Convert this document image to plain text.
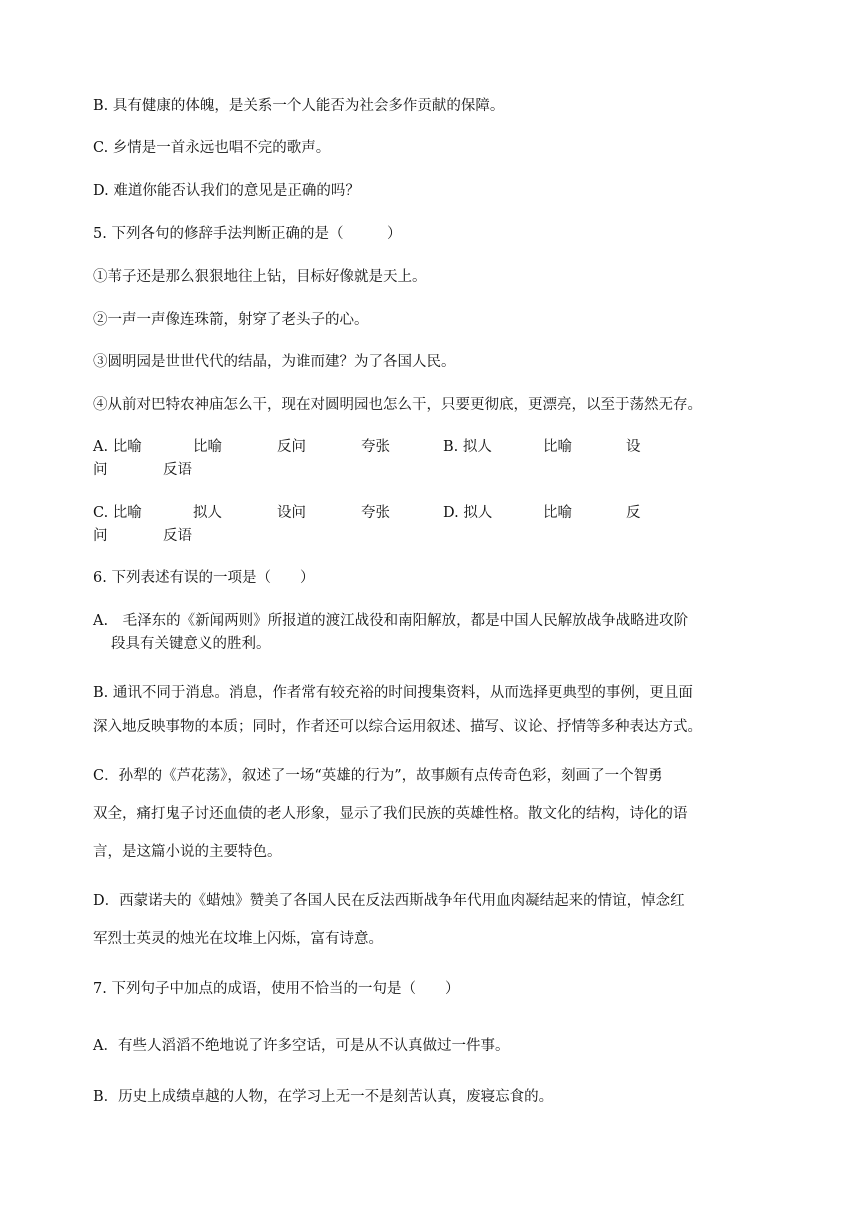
B. 具有健康的体魄，是关系一个人能否为社会多作贡献的保障。
C. 乡情是一首永远也唱不完的歌声。
D. 难道你能否认我们的意见是正确的吗？
5. 下列各句的修辞手法判断正确的是（　　　）
①苇子还是那么狠狠地往上钻，目标好像就是天上。
②一声一声像连珠箭，射穿了老头子的心。
③圆明园是世世代代的结晶，为谁而建？为了各国人民。
④从前对巴特农神庙怎么干，现在对圆明园也怎么干，只要更彻底，更漂亮，以至于荡然无存。
A. 比喻	比喻	反问	夸张	B. 拟人	比喻	设
问	反语
C. 比喻	拟人	设问	夸张	D. 拟人	比喻	反
问	反语
6. 下列表述有误的一项是（　　）
A.　毛泽东的《新闻两则》所报道的渡江战役和南阳解放，都是中国人民解放战争战略进攻阶
段具有关键意义的胜利。
B. 通讯不同于消息。消息，作者常有较充裕的时间搜集资料，从而选择更典型的事例，更且面
深入地反映事物的本质；同时，作者还可以综合运用叙述、描写、议论、抒情等多种表达方式。
C．孙犁的《芦花荡》，叙述了一场“英雄的行为”，故事颇有点传奇色彩，刻画了一个智勇
双全，痛打鬼子讨还血债的老人形象，显示了我们民族的英雄性格。散文化的结构，诗化的语
言，是这篇小说的主要特色。
D．西蒙诺夫的《蜡烛》赞美了各国人民在反法西斯战争年代用血肉凝结起来的情谊，悼念红
军烈士英灵的烛光在坟堆上闪烁，富有诗意。
7. 下列句子中加点的成语，使用不恰当的一句是（　　）
A．有些人滔滔不绝地说了许多空话，可是从不认真做过一件事。
B．历史上成绩卓越的人物，在学习上无一不是刻苦认真，废寝忘食的。
